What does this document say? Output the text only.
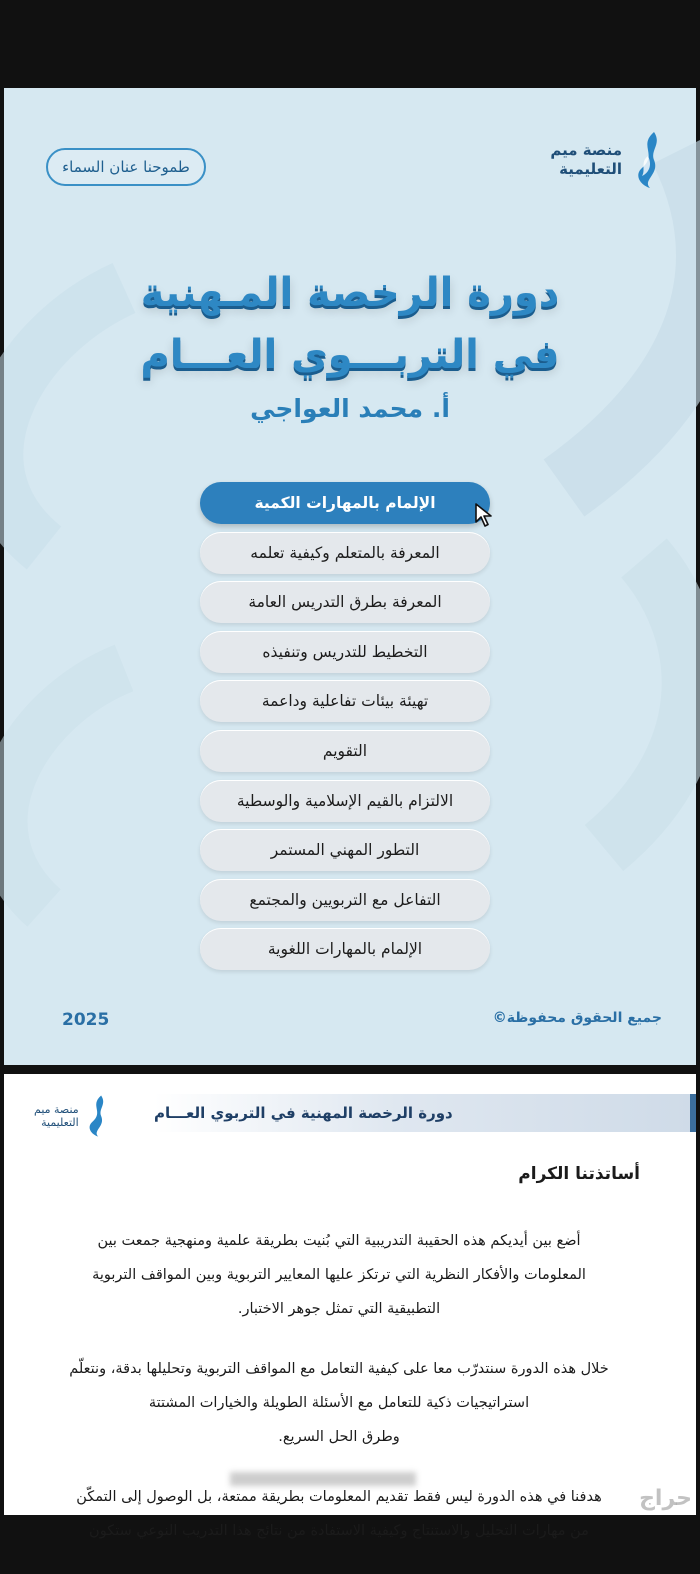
طموحنا عنان السماء
منصة ميم
التعليمية
دورة الرخصة المـهنية
في التربـــوي العـــام
أ. محمد العواجي
الإلمام بالمهارات الكمية
المعرفة بالمتعلم وكيفية تعلمه
المعرفة بطرق التدريس العامة
التخطيط للتدريس وتنفيذه
تهيئة بيئات تفاعلية وداعمة
التقويم
الالتزام بالقيم الإسلامية والوسطية
التطور المهني المستمر
التفاعل مع التربويين والمجتمع
الإلمام بالمهارات اللغوية
2025	جميع الحقوق محفوظة©
منصة ميم
التعليمية
دورة الرخصة المهنية في التربوي العـــام
أساتذتنا الكرام
أضع بين أيديكم هذه الحقيبة التدريبية التي بُنيت بطريقة علمية ومنهجية جمعت بين
المعلومات والأفكار النظرية التي ترتكز عليها المعايير التربوية وبين المواقف التربوية
التطبيقية التي تمثل جوهر الاختبار.
خلال هذه الدورة سنتدرّب معا على كيفية التعامل مع المواقف التربوية وتحليلها بدقة، ونتعلّم
استراتيجيات ذكية للتعامل مع الأسئلة الطويلة والخيارات المشتتة
وطرق الحل السريع.
هدفنا في هذه الدورة ليس فقط تقديم المعلومات بطريقة ممتعة، بل الوصول إلى التمكّن
من مهارات التحليل والاستنتاج وكيفية الاستفادة من نتائج هذا التدريب النوعي ستكون
حراج
